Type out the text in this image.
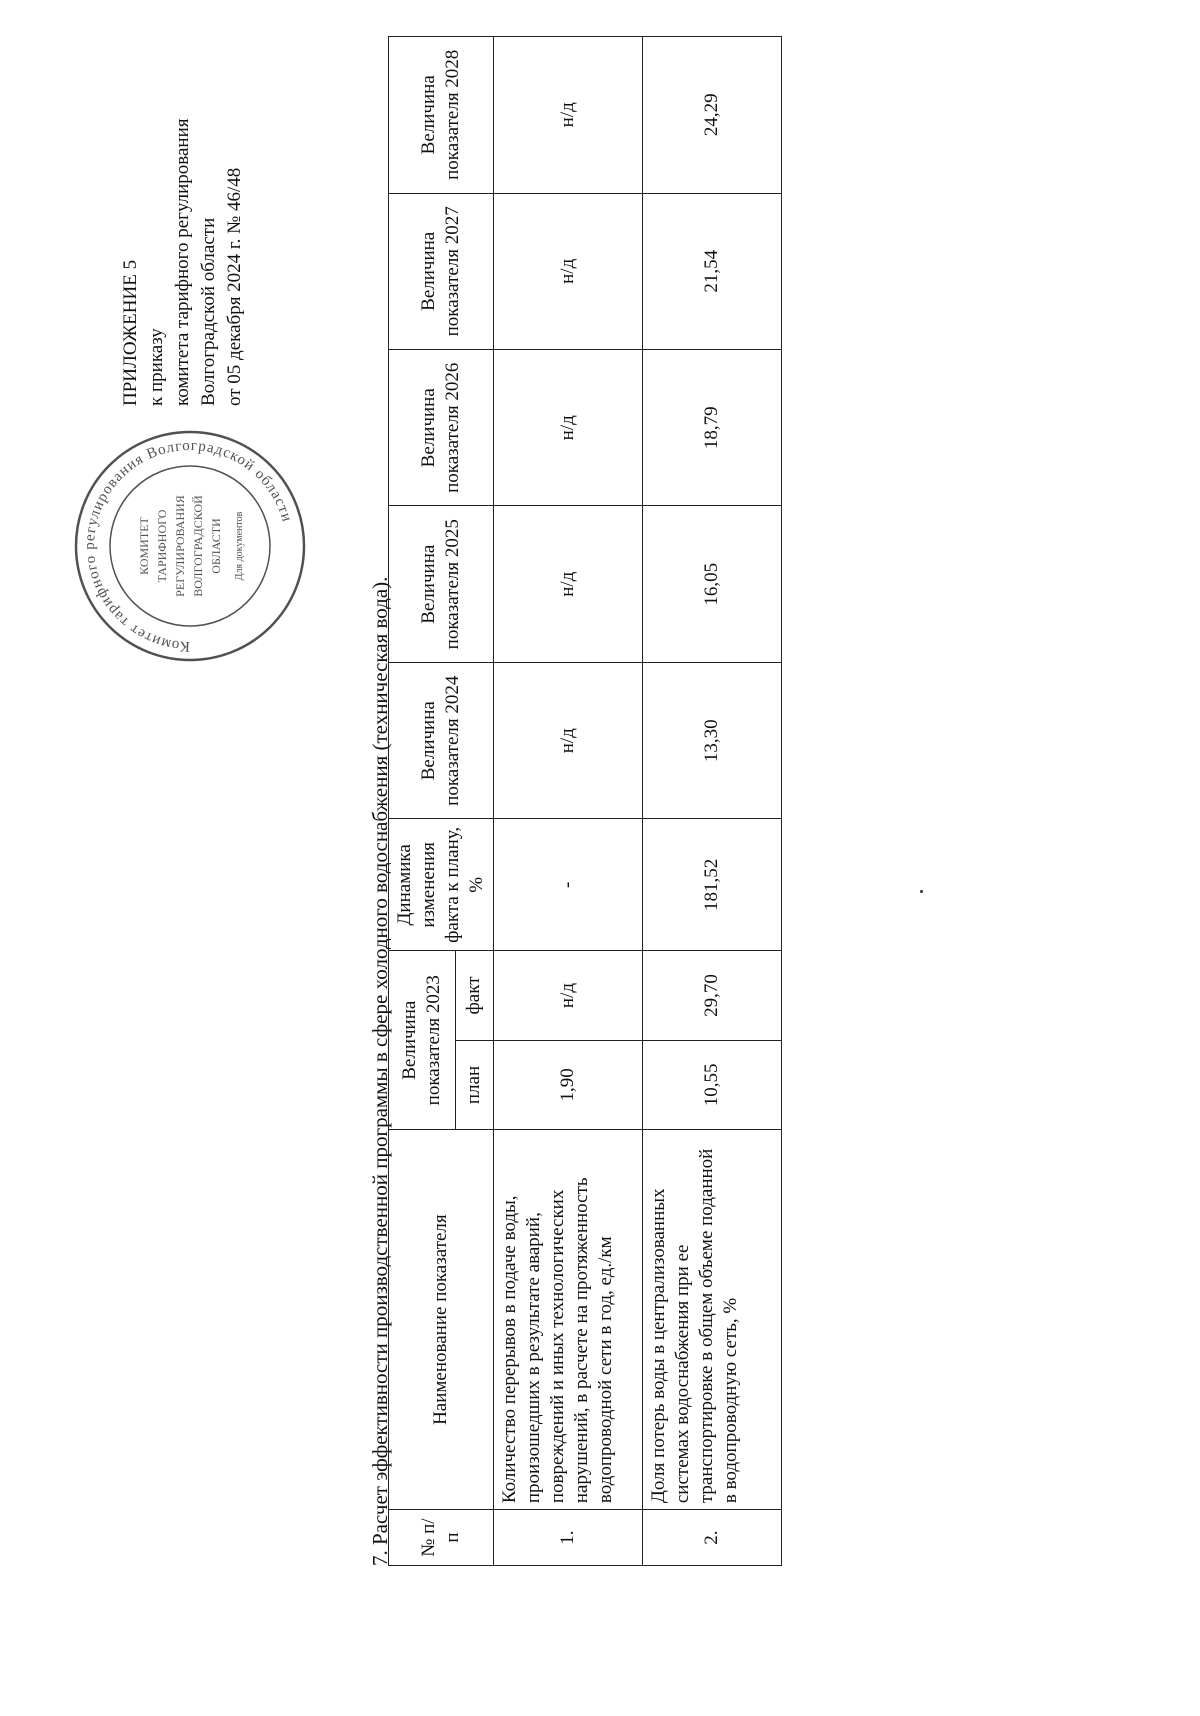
ПРИЛОЖЕНИЕ 5 к приказу комитета тарифного регулирования Волгоградской области от 05 декабря 2024 г. № 46/48
Комитет тарифного регулирования Волгоградской области
КОМИТЕТ ТАРИФНОГО РЕГУЛИРОВАНИЯ ВОЛГОГРАДСКОЙ ОБЛАСТИ Для документов
7. Расчет эффективности производственной программы в сфере холодного водоснабжения (техническая вода). № п/п	Наименование показателя	Величина показателя 2023		Динамика изменения факта к плану, %	Величина показателя 2024	Величина показателя 2025	Величина показателя 2026	Величина показателя 2027	Величина показателя 2028
		план	факт						
1.	Количество перерывов в подаче воды, произошедших в результате аварий, повреждений и иных технологических нарушений, в расчете на протяженность водопроводной сети в год, ед./км	1,90	н/д	-	н/д	н/д	н/д	н/д	н/д
2.	Доля потерь воды в централизованных системах водоснабжения при ее транспортировке в общем объеме поданной в водопроводную сеть, %	10,55	29,70	181,52	13,30	16,05	18,79	21,54	24,29
